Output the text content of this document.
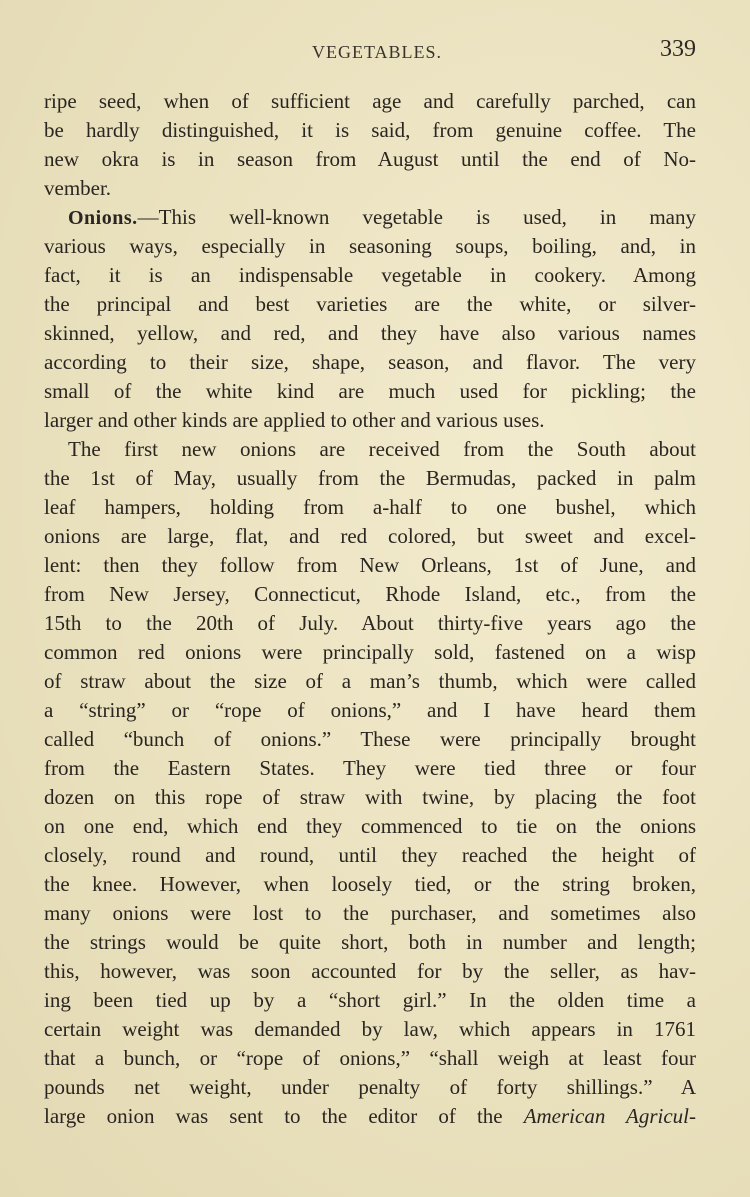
VEGETABLES.	339
ripe seed, when of sufficient age and carefully parched, can
be hardly distinguished, it is said, from genuine coffee. The
new okra is in season from August until the end of No-
vember.
Onions.—This well-known vegetable is used, in many
various ways, especially in seasoning soups, boiling, and, in
fact, it is an indispensable vegetable in cookery. Among
the principal and best varieties are the white, or silver-
skinned, yellow, and red, and they have also various names
according to their size, shape, season, and flavor. The very
small of the white kind are much used for pickling; the
larger and other kinds are applied to other and various uses.
The first new onions are received from the South about
the 1st of May, usually from the Bermudas, packed in palm
leaf hampers, holding from a-half to one bushel, which
onions are large, flat, and red colored, but sweet and excel-
lent: then they follow from New Orleans, 1st of June, and
from New Jersey, Connecticut, Rhode Island, etc., from the
15th to the 20th of July. About thirty-five years ago the
common red onions were principally sold, fastened on a wisp
of straw about the size of a man’s thumb, which were called
a “string” or “rope of onions,” and I have heard them
called “bunch of onions.” These were principally brought
from the Eastern States. They were tied three or four
dozen on this rope of straw with twine, by placing the foot
on one end, which end they commenced to tie on the onions
closely, round and round, until they reached the height of
the knee. However, when loosely tied, or the string broken,
many onions were lost to the purchaser, and sometimes also
the strings would be quite short, both in number and length;
this, however, was soon accounted for by the seller, as hav-
ing been tied up by a “short girl.” In the olden time a
certain weight was demanded by law, which appears in 1761
that a bunch, or “rope of onions,” “shall weigh at least four
pounds net weight, under penalty of forty shillings.” A
large onion was sent to the editor of the American Agricul-
